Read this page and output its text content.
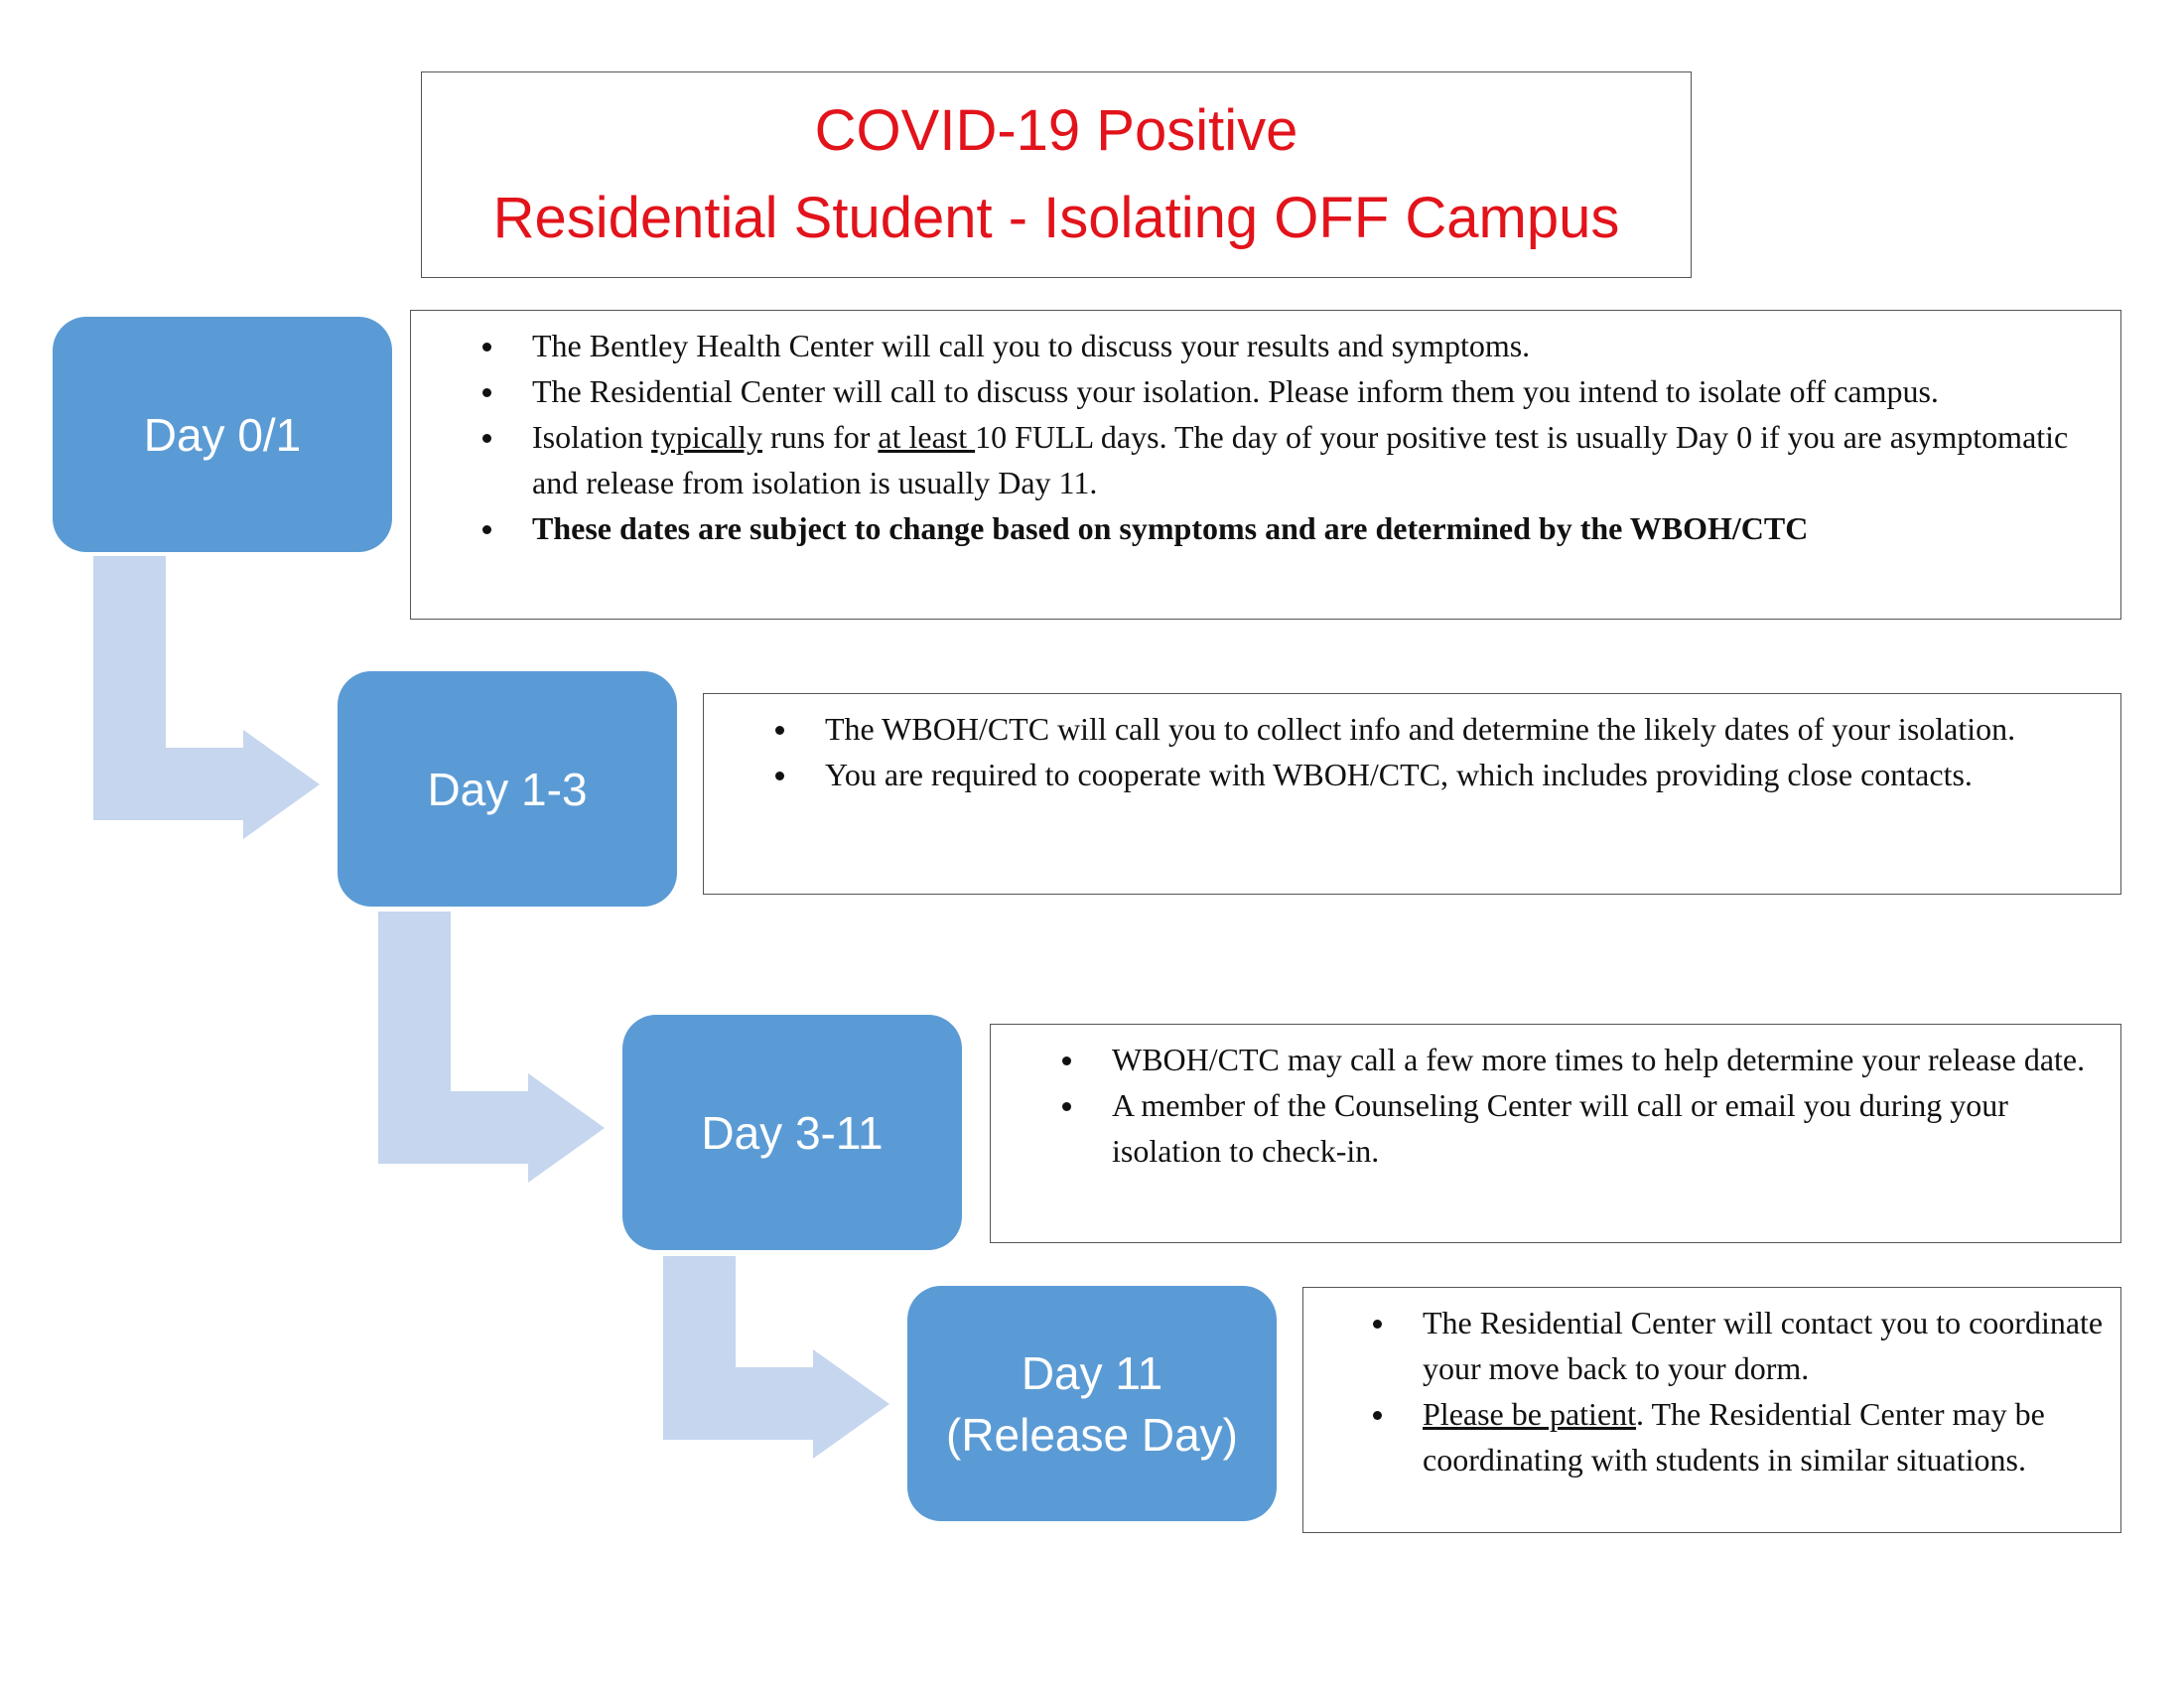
COVID-19 Positive
Residential Student - Isolating OFF Campus
Day 0/1
The Bentley Health Center will call you to discuss your results and symptoms.
The Residential Center will call to discuss your isolation. Please inform them you intend to isolate off campus.
Isolation typically runs for at least 10 FULL days. The day of your positive test is usually Day 0 if you are asymptomatic and release from isolation is usually Day 11.
These dates are subject to change based on symptoms and are determined by the WBOH/CTC
Day 1-3
The WBOH/CTC will call you to collect info and determine the likely dates of your isolation.
You are required to cooperate with WBOH/CTC, which includes providing close contacts.
Day 3-11
WBOH/CTC may call a few more times to help determine your release date.
A member of the Counseling Center will call or email you during your isolation to check-in.
Day 11
(Release Day)
The Residential Center will contact you to coordinate your move back to your dorm.
Please be patient. The Residential Center may be coordinating with students in similar situations.
